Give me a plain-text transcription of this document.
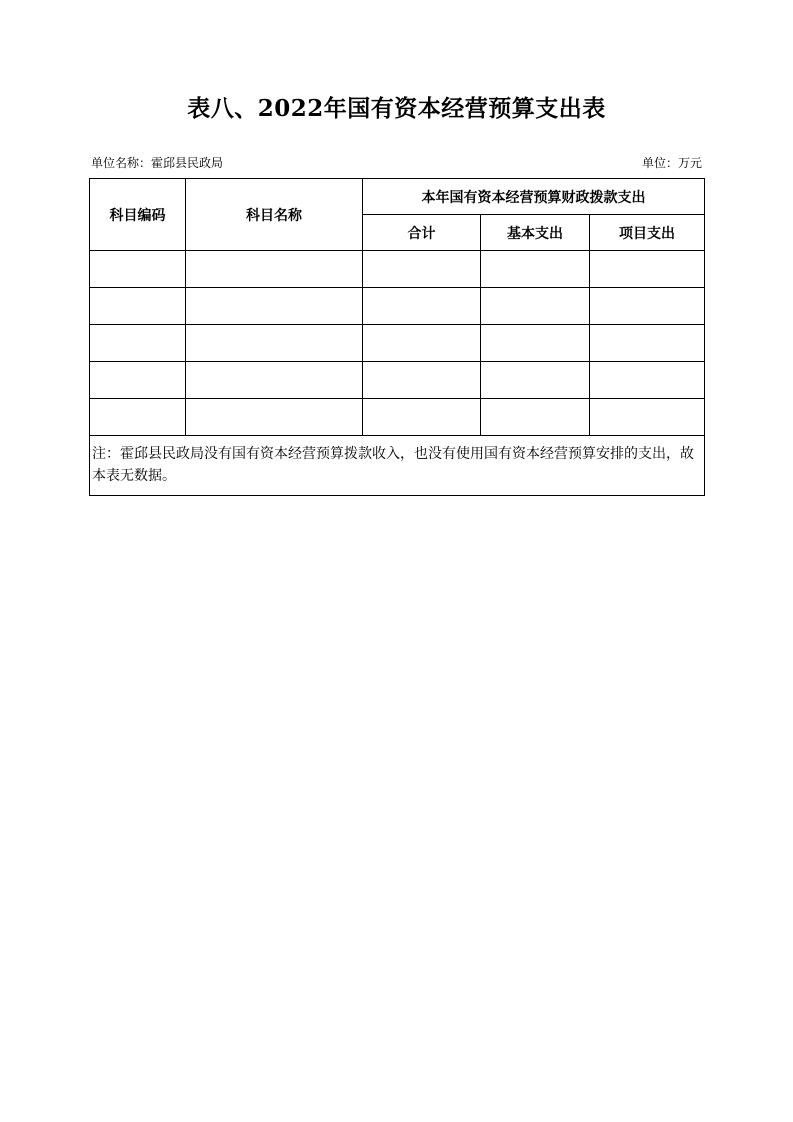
表八、2022年国有资本经营预算支出表
单位名称：霍邱县民政局	单位：万元
科目编码	科目名称	本年国有资本经营预算财政拨款支出		
		合计	基本支出	项目支出

注：霍邱县民政局没有国有资本经营预算拨款收入，也没有使用国有资本经营预算安排的支出，故本表无数据。				
